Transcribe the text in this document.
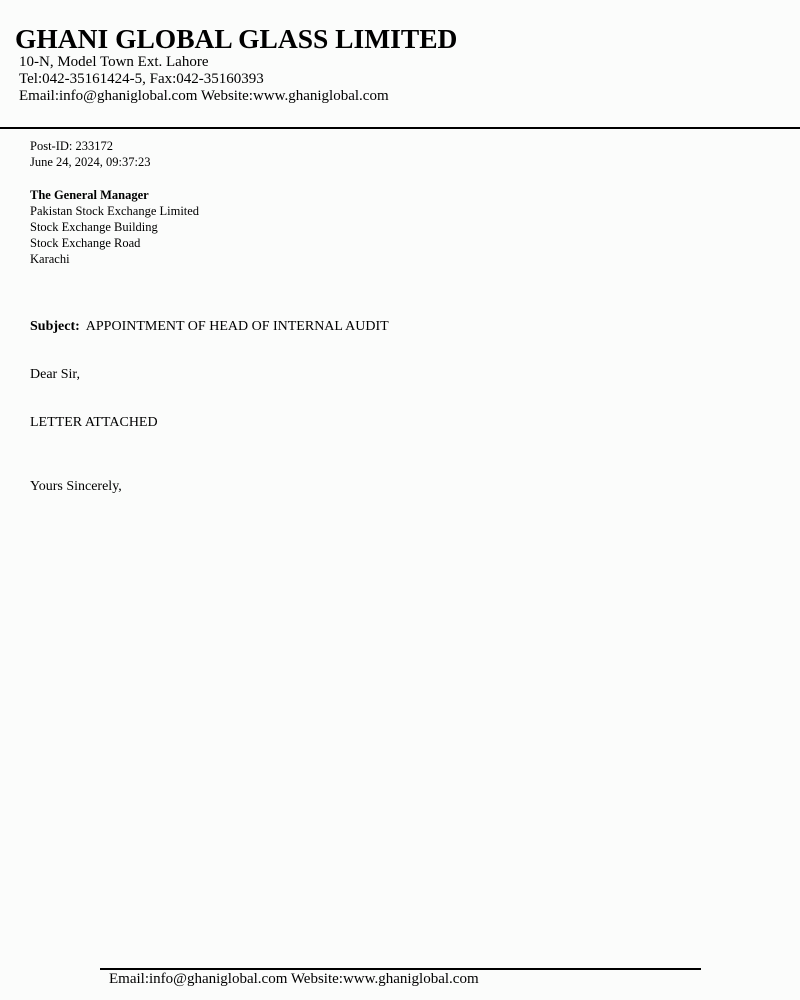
GHANI GLOBAL GLASS LIMITED
10-N, Model Town Ext. Lahore
Tel:042-35161424-5, Fax:042-35160393
Email:info@ghaniglobal.com Website:www.ghaniglobal.com
Post-ID: 233172
June 24, 2024, 09:37:23
The General Manager
Pakistan Stock Exchange Limited
Stock Exchange Building
Stock Exchange Road
Karachi
Subject: APPOINTMENT OF HEAD OF INTERNAL AUDIT
Dear Sir,
LETTER ATTACHED
Yours Sincerely,
Email:info@ghaniglobal.com Website:www.ghaniglobal.com
